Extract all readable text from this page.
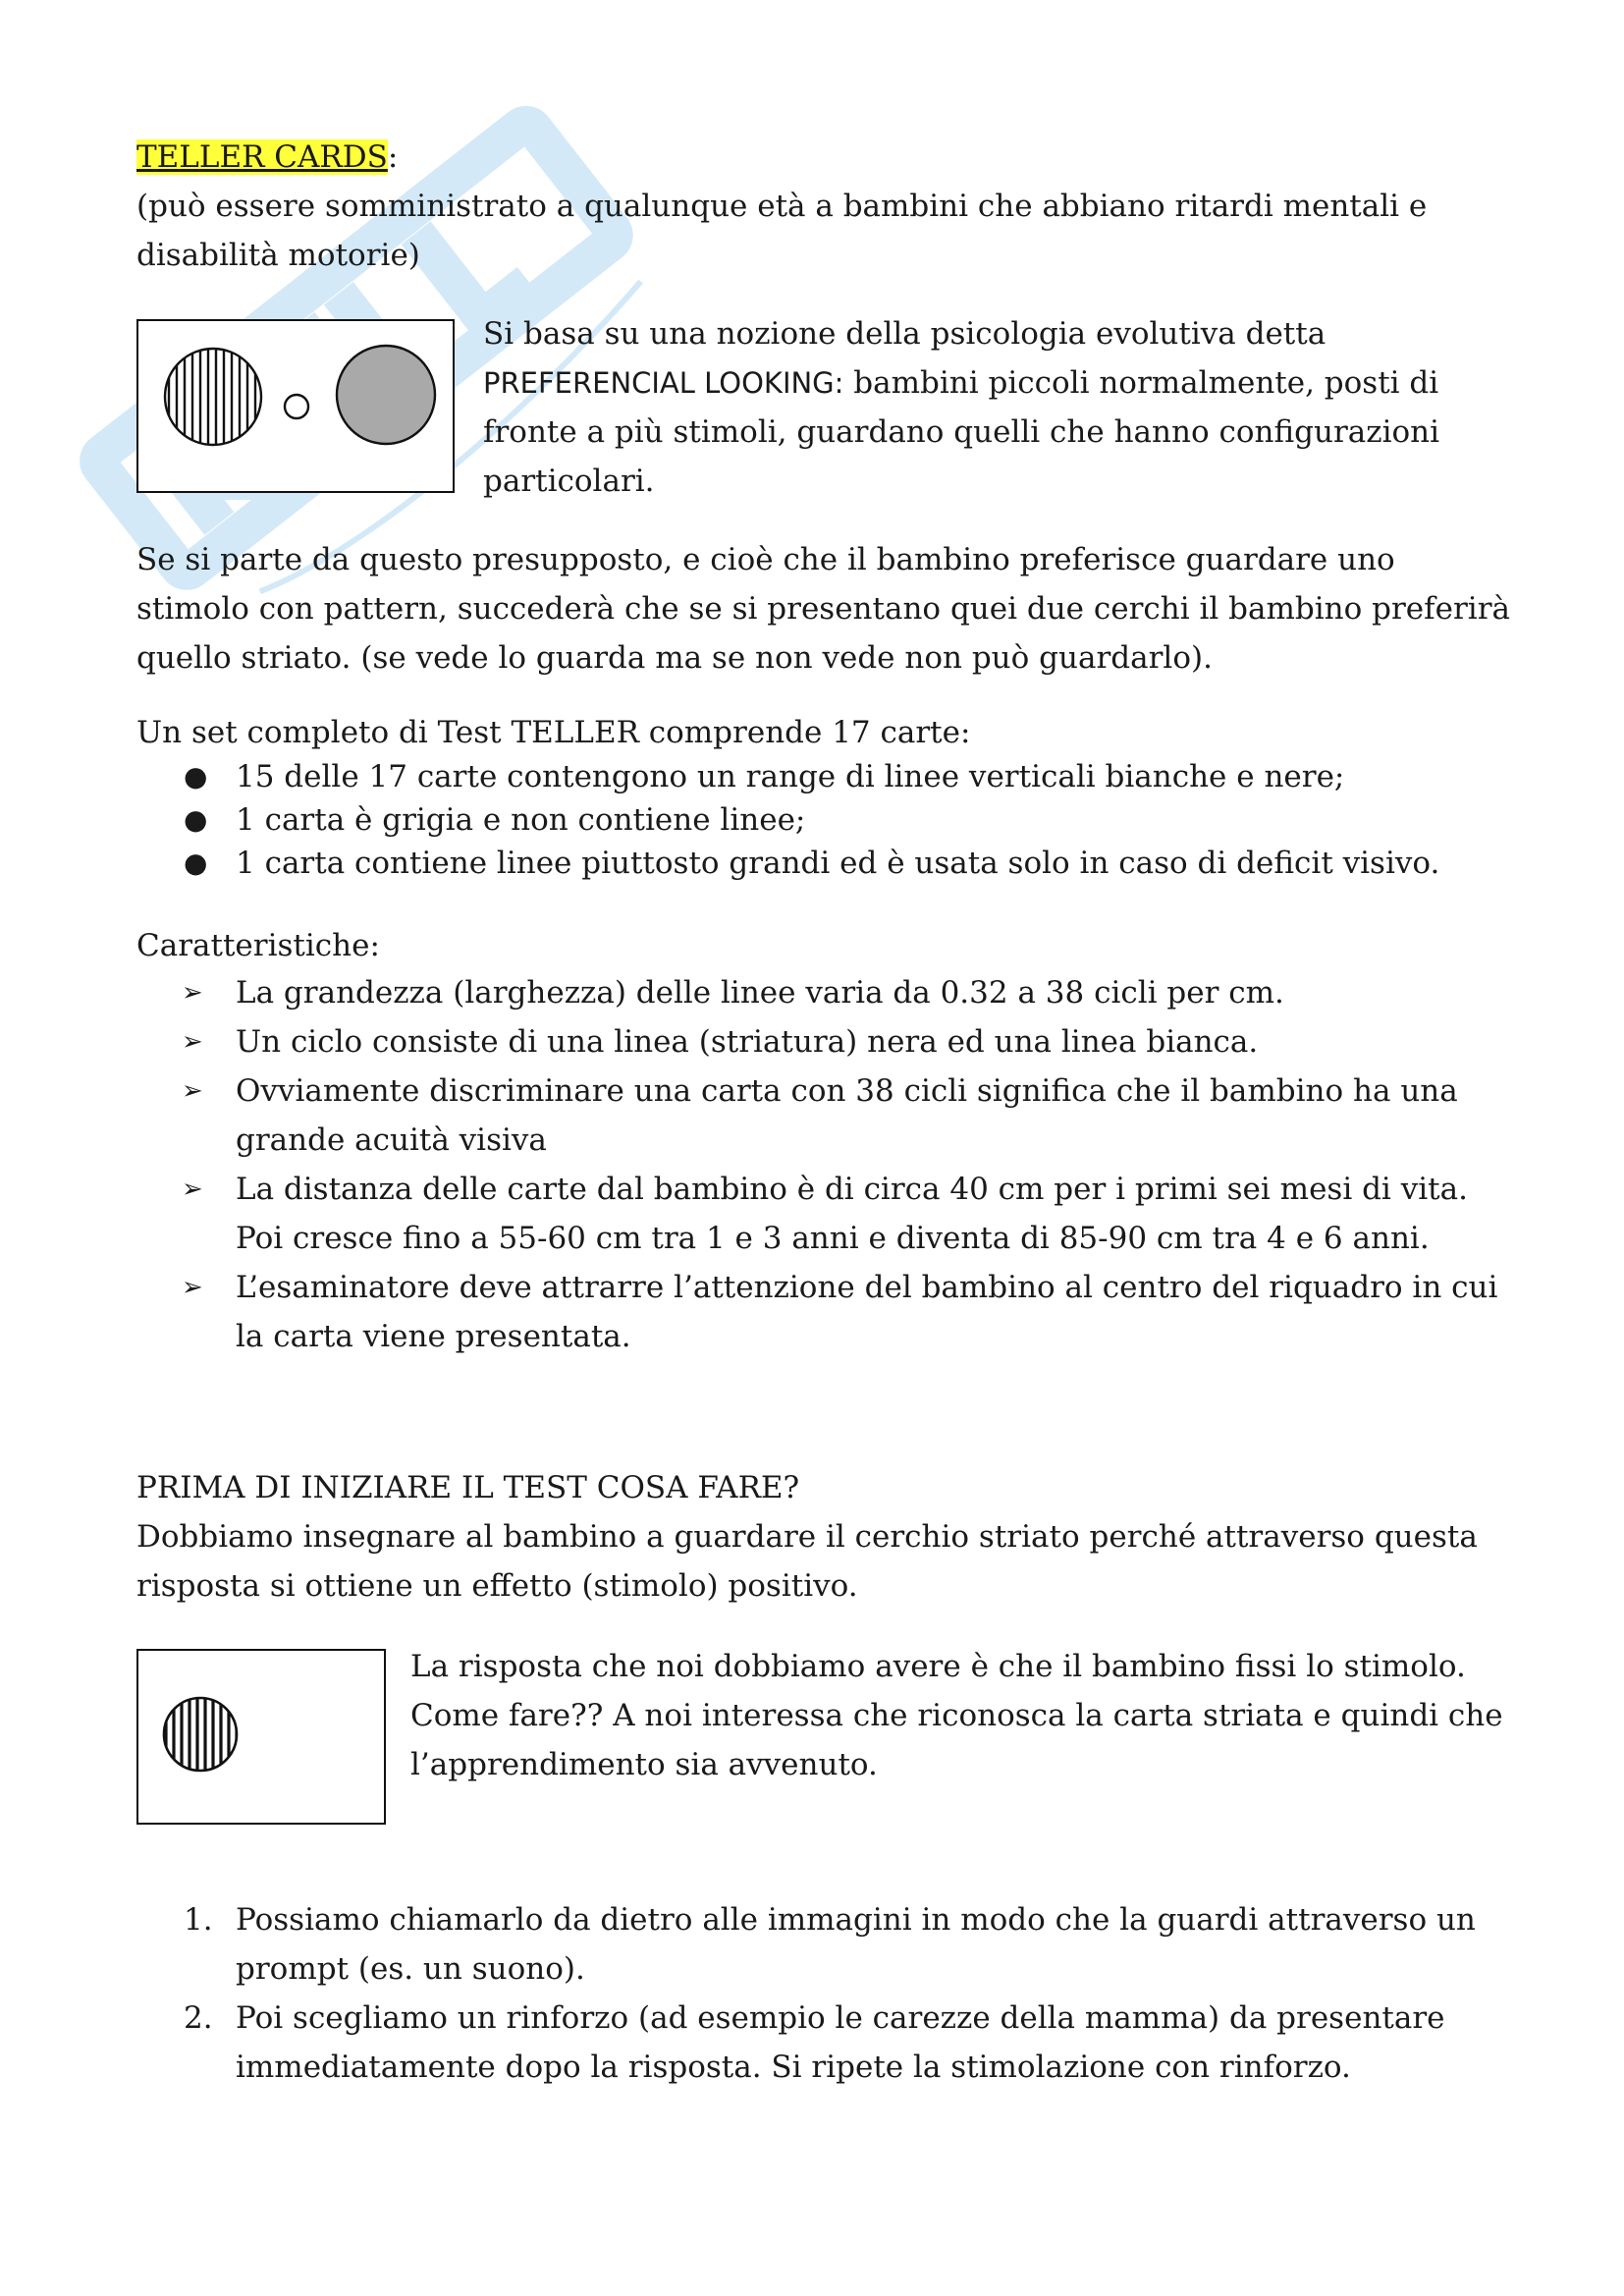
TELLER CARDS:

(può essere somministrato a qualunque età a bambini che abbiano ritardi mentali e disabilità motorie)

Si basa su una nozione della psicologia evolutiva detta

PREFERENCIAL LOOKING: bambini piccoli normalmente, posti di fronte a più stimoli, guardano quelli che hanno configurazioni particolari.

Se si parte da questo presupposto, e cioè che il bambino preferisce guardare uno stimolo con pattern, succederà che se si presentano quei due cerchi il bambino preferirà quello striato. (se vede lo guarda ma se non vede non può guardarlo).

Un set completo di Test TELLER comprende 17 carte:

● 15 delle 17 carte contengono un range di linee verticali bianche e nere;
● 1 carta è grigia e non contiene linee;
● 1 carta contiene linee piuttosto grandi ed è usata solo in caso di deficit visivo.

Caratteristiche:

➢ La grandezza (larghezza) delle linee varia da 0.32 a 38 cicli per cm.
➢ Un ciclo consiste di una linea (striatura) nera ed una linea bianca.
➢ Ovviamente discriminare una carta con 38 cicli significa che il bambino ha una grande acuità visiva
➢ La distanza delle carte dal bambino è di circa 40 cm per i primi sei mesi di vita. Poi cresce fino a 55-60 cm tra 1 e 3 anni e diventa di 85-90 cm tra 4 e 6 anni.
➢ L’esaminatore deve attrarre l’attenzione del bambino al centro del riquadro in cui la carta viene presentata.

PRIMA DI INIZIARE IL TEST COSA FARE?

Dobbiamo insegnare al bambino a guardare il cerchio striato perché attraverso questa risposta si ottiene un effetto (stimolo) positivo.

La risposta che noi dobbiamo avere è che il bambino fissi lo stimolo. Come fare?? A noi interessa che riconosca la carta striata e quindi che l’apprendimento sia avvenuto.

1. Possiamo chiamarlo da dietro alle immagini in modo che la guardi attraverso un prompt (es. un suono).
2. Poi scegliamo un rinforzo (ad esempio le carezze della mamma) da presentare immediatamente dopo la risposta. Si ripete la stimolazione con rinforzo.
